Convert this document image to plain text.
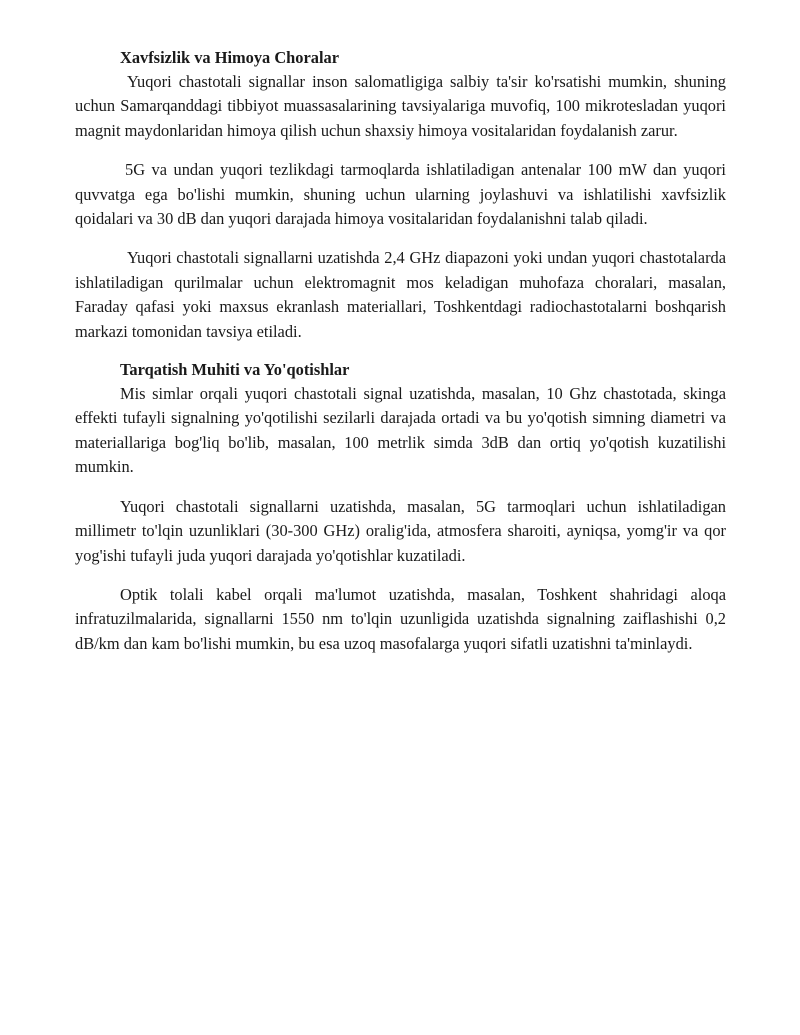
Xavfsizlik va Himoya Choralar

Yuqori chastotali signallar inson salomatligiga salbiy ta'sir ko'rsatishi mumkin, shuning uchun Samarqanddagi tibbiyot muassasalarining tavsiyalariga muvofiq, 100 mikrotesladan yuqori magnit maydonlaridan himoya qilish uchun shaxsiy himoya vositalaridan foydalanish zarur.

5G va undan yuqori tezlikdagi tarmoqlarda ishlatiladigan antenalar 100 mW dan yuqori quvvatga ega bo'lishi mumkin, shuning uchun ularning joylashuvi va ishlatilishi xavfsizlik qoidalari va 30 dB dan yuqori darajada himoya vositalaridan foydalanishni talab qiladi.

Yuqori chastotali signallarni uzatishda 2,4 GHz diapazoni yoki undan yuqori chastotalarda ishlatiladigan qurilmalar uchun elektromagnit mos keladigan muhofaza choralari, masalan, Faraday qafasi yoki maxsus ekranlash materiallari, Toshkentdagi radiochastotalarni boshqarish markazi tomonidan tavsiya etiladi.

Tarqatish Muhiti va Yo'qotishlar

Mis simlar orqali yuqori chastotali signal uzatishda, masalan, 10 Ghz chastotada, skinga effekti tufayli signalning yo'qotilishi sezilarli darajada ortadi va bu yo'qotish simning diametri va materiallariga bog'liq bo'lib, masalan, 100 metrlik simda 3dB dan ortiq yo'qotish kuzatilishi mumkin.

Yuqori chastotali signallarni uzatishda, masalan, 5G tarmoqlari uchun ishlatiladigan millimetr to'lqin uzunliklari (30-300 GHz) oralig'ida, atmosfera sharoiti, ayniqsa, yomg'ir va qor yog'ishi tufayli juda yuqori darajada yo'qotishlar kuzatiladi.

Optik tolali kabel orqali ma'lumot uzatishda, masalan, Toshkent shahridagi aloqa infratuzilmalarida, signallarni 1550 nm to'lqin uzunligida uzatishda signalning zaiflashishi 0,2 dB/km dan kam bo'lishi mumkin, bu esa uzoq masofalarga yuqori sifatli uzatishni ta'minlaydi.
